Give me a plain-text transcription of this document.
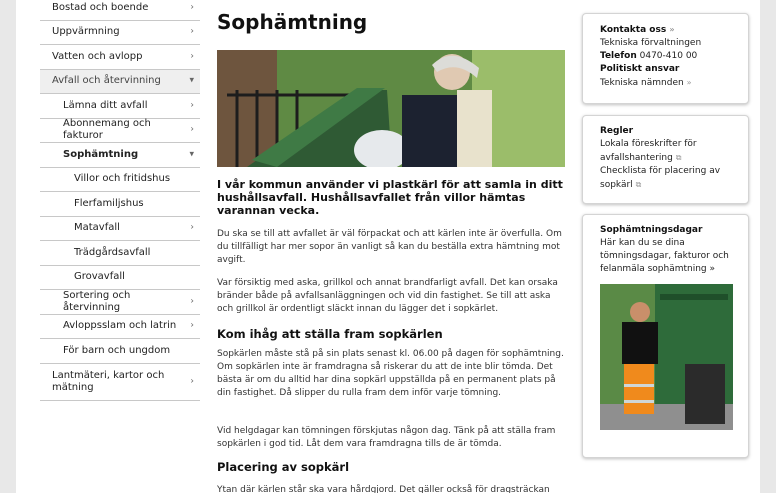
Bostad och boende	›
Uppvärmning	›
Vatten och avlopp	›
Avfall och återvinning	▾
Lämna ditt avfall	›
Abonnemang och fakturor
›
Sophämtning	▾
Villor och fritidshus
Flerfamiljshus
Matavfall	›
Trädgårdsavfall
Grovavfall
Sortering och återvinning
›
Avloppsslam och latrin ›
För barn och ungdom
Lantmäteri, kartor och mätning
›
Sophämtning

I vår kommun använder vi plastkärl för att samla in ditt hushållsavfall. Hushållsavfallet från villor hämtas varannan vecka.

Du ska se till att avfallet är väl förpackat och att kärlen inte är överfulla. Om du tillfälligt har mer sopor än vanligt så kan du beställa extra hämtning mot avgift.

Var försiktig med aska, grillkol och annat brandfarligt avfall. Det kan orsaka bränder både på avfallsanläggningen och vid din fastighet. Se till att aska och grillkol är ordentligt släckt innan du lägger det i sopkärlet.

Kom ihåg att ställa fram sopkärlen

Sopkärlen måste stå på sin plats senast kl. 06.00 på dagen för sophämtning. Om sopkärlen inte är framdragna så riskerar du att de inte blir tömda. Det bästa är om du alltid har dina sopkärl uppställda på en permanent plats på din fastighet. Då slipper du rulla fram dem inför varje tömning.

Vid helgdagar kan tömningen förskjutas någon dag. Tänk på att ställa fram sopkärlen i god tid. Låt dem vara framdragna tills de är tömda.

Placering av sopkärl

Ytan där kärlen står ska vara hårdgjord. Det gäller också för dragsträckan

Kontakta oss »
Tekniska förvaltningen
Telefon 0470-410 00
Politiskt ansvar
Tekniska nämnden »
Regler
Lokala föreskrifter för avfallshantering ⧉
Checklista för placering av sopkärl ⧉
Sophämtningsdagar
Här kan du se dina tömningsdagar, fakturor och felanmäla sophämtning »
